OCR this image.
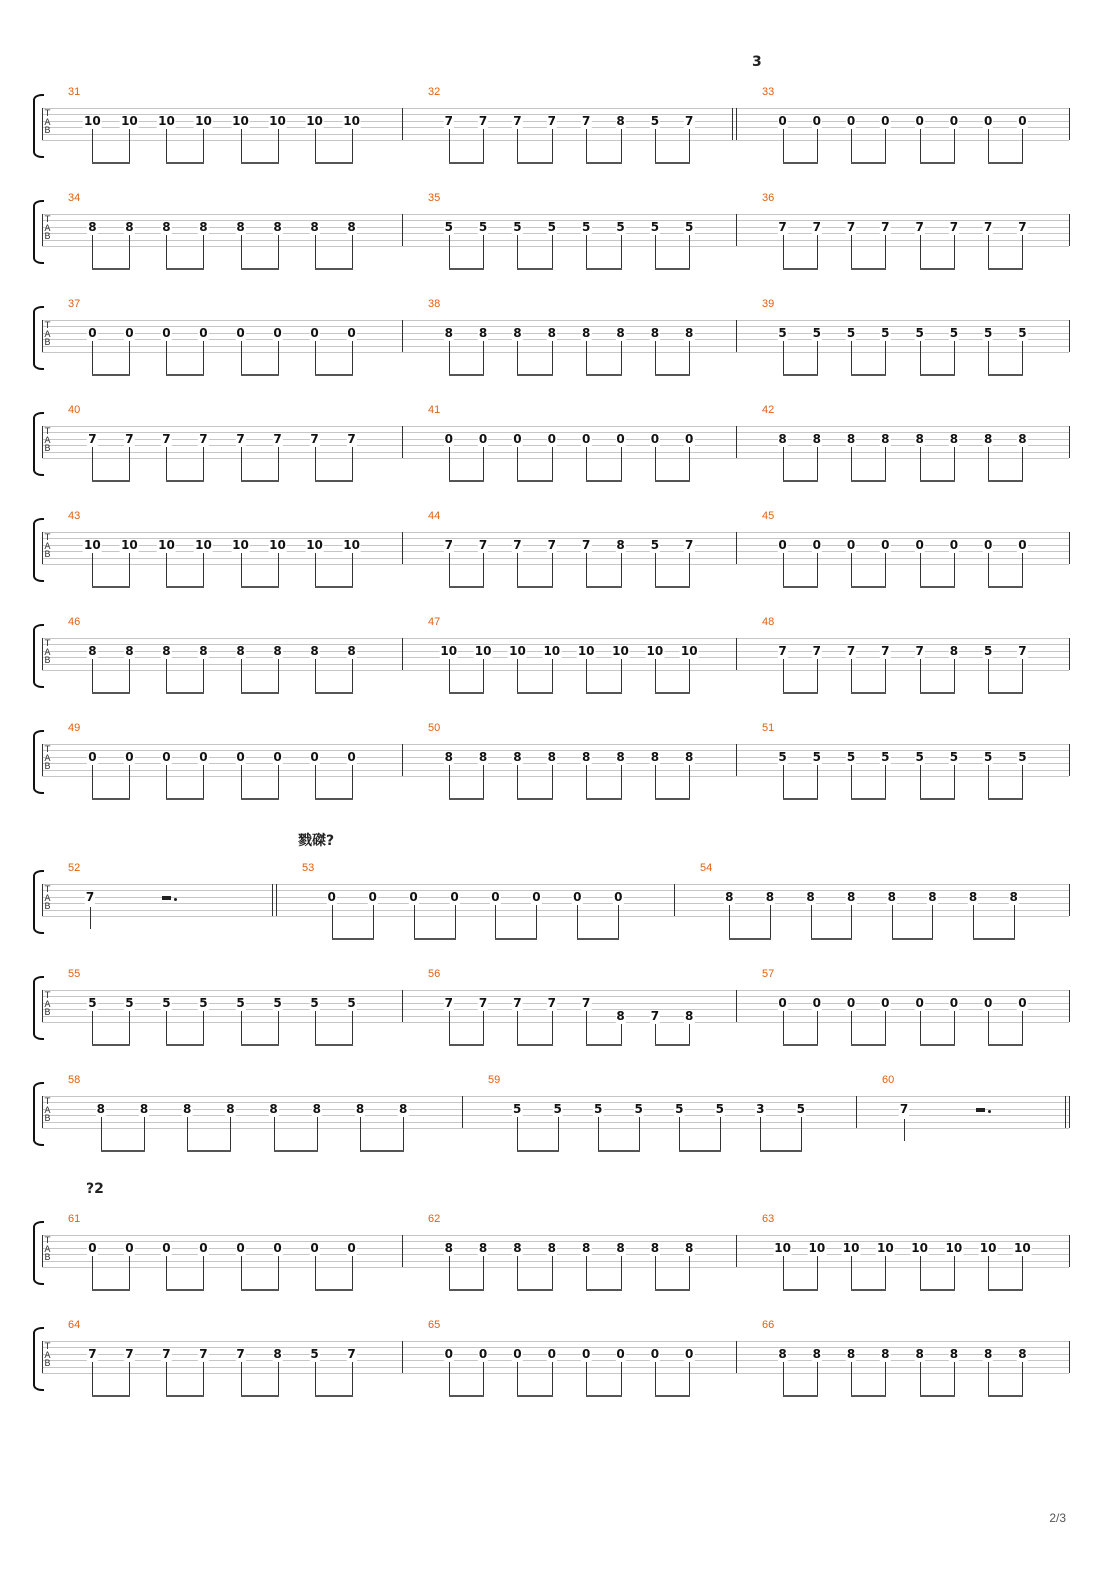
3
戮磔?
?2
2/3
T
A
B
31
10 10 10 10 10 10 10 10
32
7 7 7 7 7 8 5 7
33
0 0 0 0 0 0 0 0
T
A
B
34
8 8 8 8 8 8 8 8
35
5 5 5 5 5 5 5 5
36
7 7 7 7 7 7 7 7
T
A
B
37
0 0 0 0 0 0 0 0
38
8 8 8 8 8 8 8 8
39
5 5 5 5 5 5 5 5
T
A
B
40
7 7 7 7 7 7 7 7
41
0 0 0 0 0 0 0 0
42
8 8 8 8 8 8 8 8
T
A
B
43
10 10 10 10 10 10 10 10
44
7 7 7 7 7 8 5 7
45
0 0 0 0 0 0 0 0
T
A
B
46
8 8 8 8 8 8 8 8
47
10 10 10 10 10 10 10 10
48
7 7 7 7 7 8 5 7
T
A
B
49
0 0 0 0 0 0 0 0
50
8 8 8 8 8 8 8 8
51
5 5 5 5 5 5 5 5
T
A
B
52
7
53
0	0	0	0	0	0	0	0
54
8	8	8	8	8	8	8	8
T
A
B
55
5 5 5 5 5 5 5 5
56
7 7 7 7 7
8 7 8
57
0 0 0 0 0 0 0 0
T
A
B
58
8	8	8	8	8	8	8	8
59
5	5	5	5	5	5	3	5
60
7
T
A
B
61
0 0 0 0 0 0 0 0
62
8 8 8 8 8 8 8 8
63
10 10 10 10 10 10 10 10
T
A
B
64
7 7 7 7 7 8 5 7
65
0 0 0 0 0 0 0 0
66
8 8 8 8 8 8 8 8
